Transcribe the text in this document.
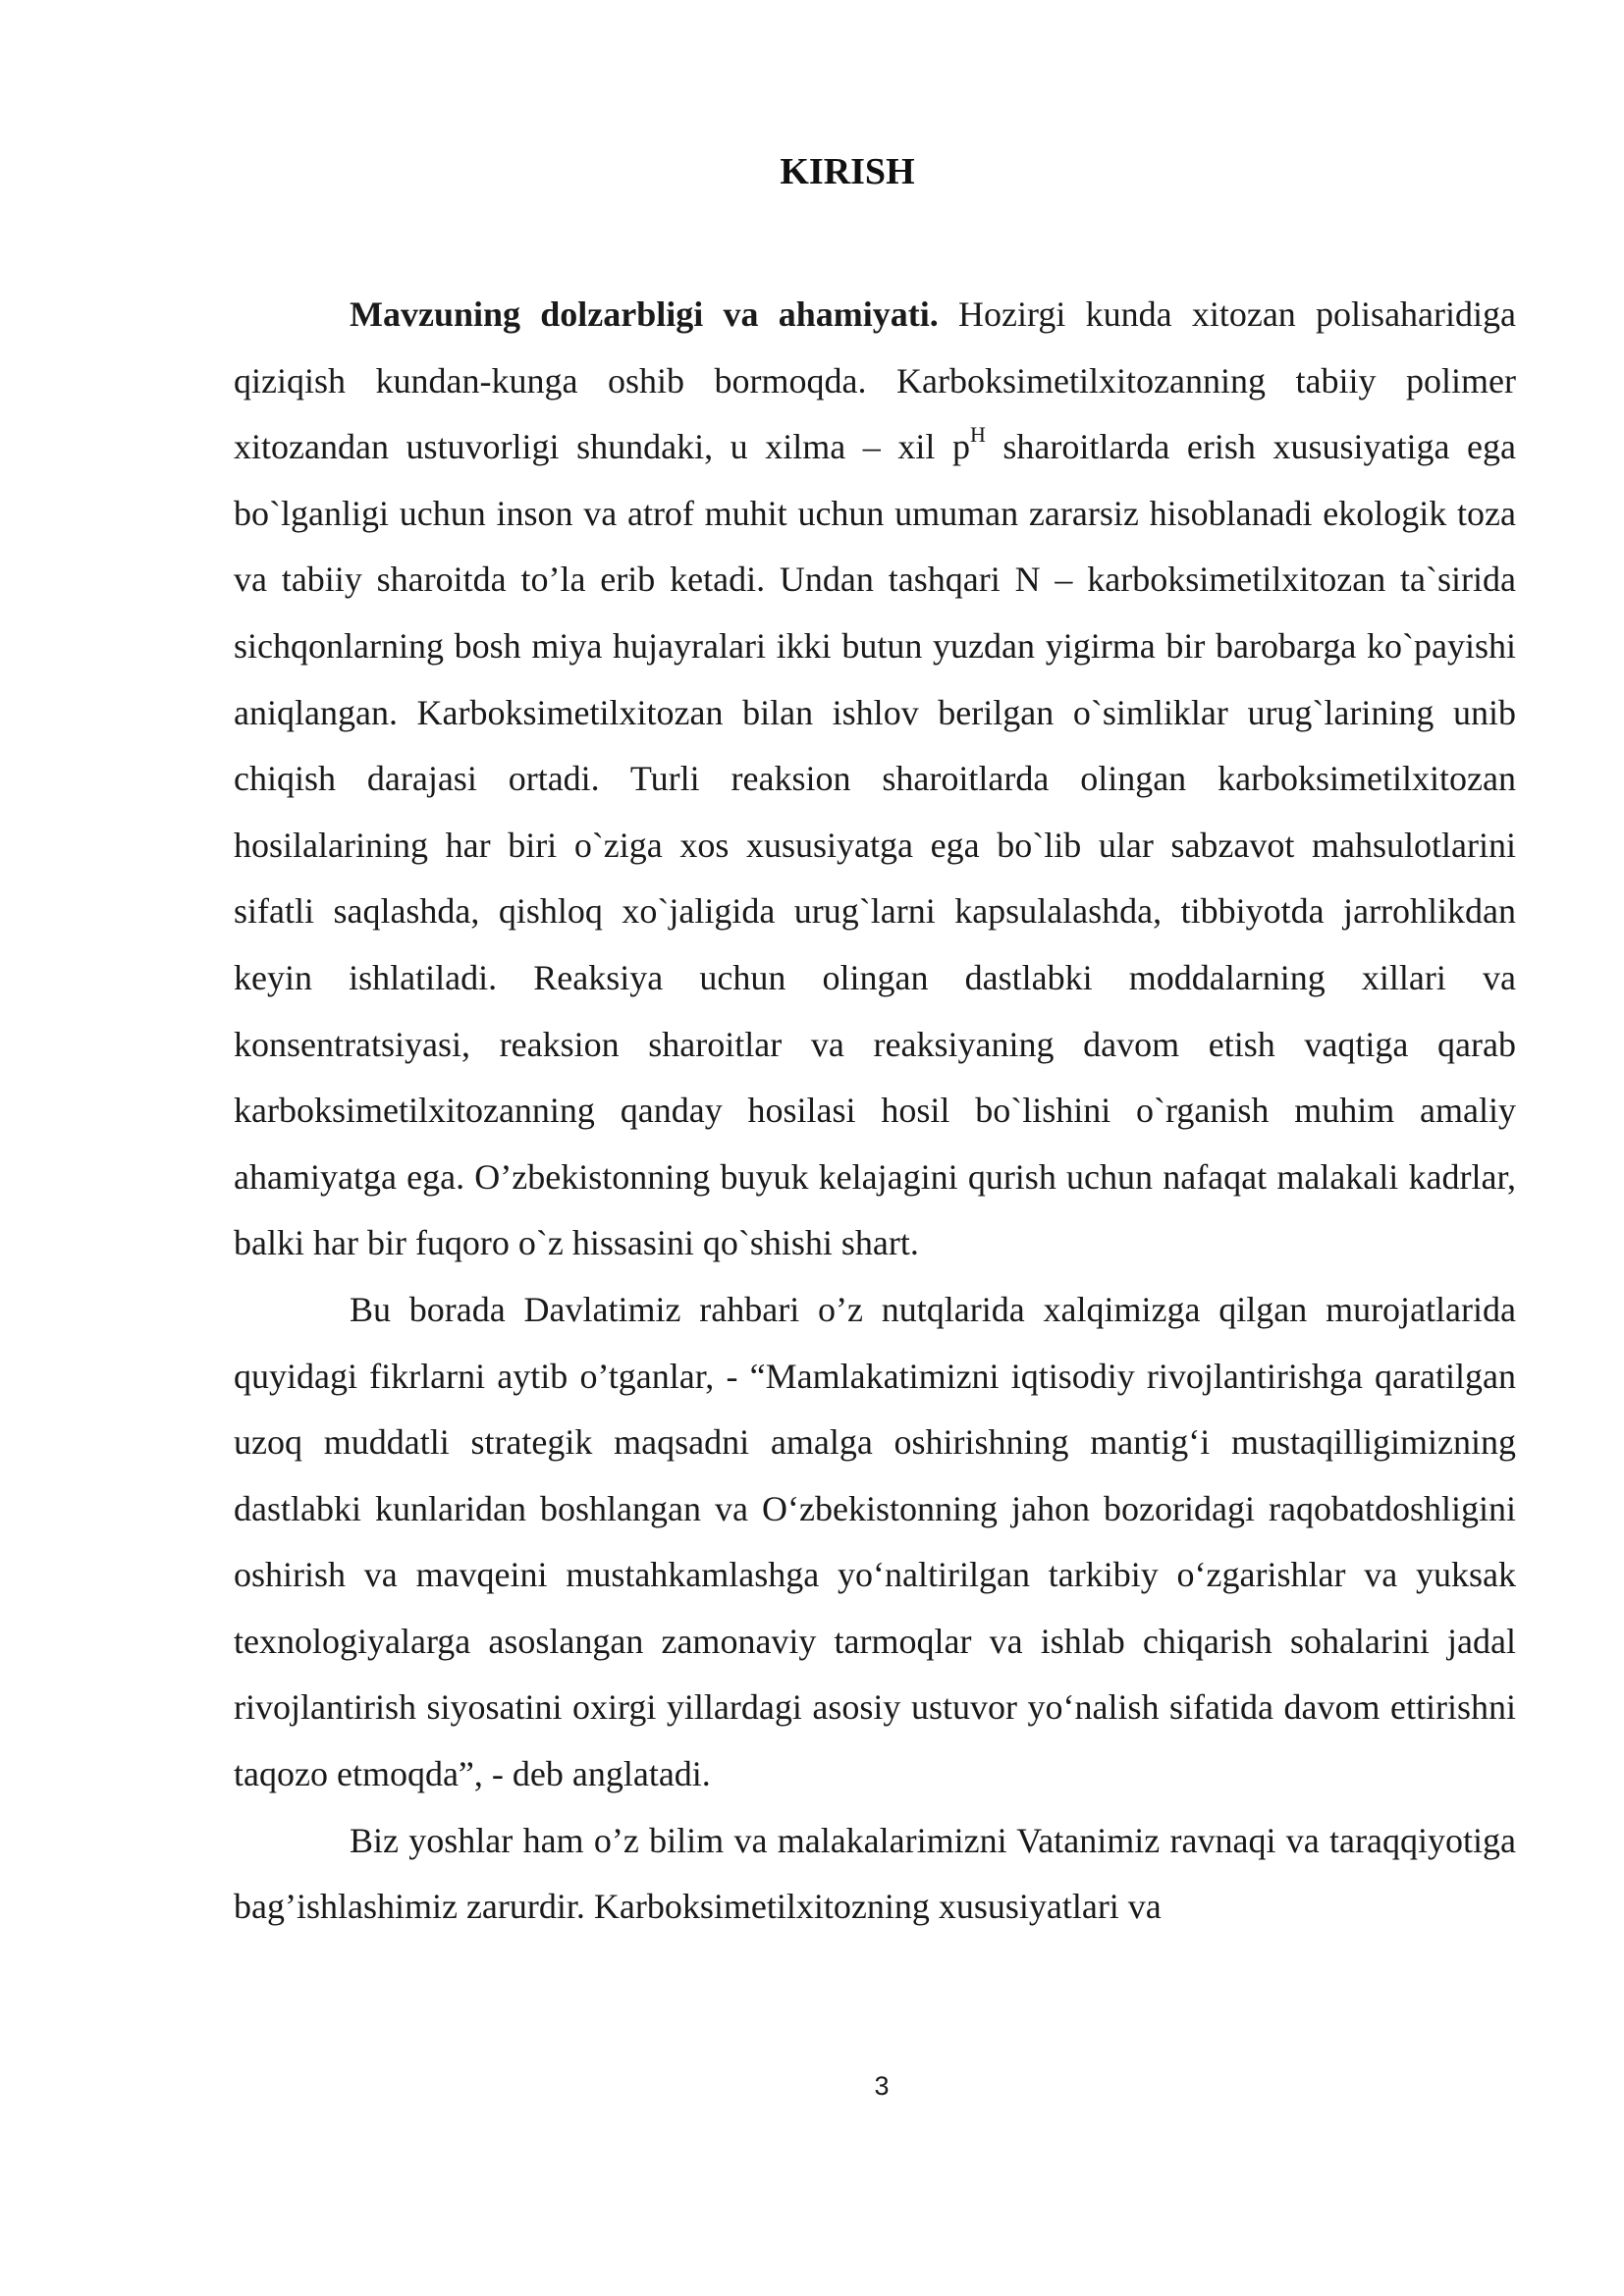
KIRISH

Mavzuning dolzarbligi va ahamiyati. Hozirgi kunda xitozan polisaharidiga qiziqish kundan-kunga oshib bormoqda. Karboksimetilxitozanning tabiiy polimer xitozandan ustuvorligi shundaki, u xilma – xil $p^H$ sharoitlarda erish xususiyatiga ega bo`lganligi uchun inson va atrof muhit uchun umuman zararsiz hisoblanadi ekologik toza va tabiiy sharoitda to’la erib ketadi. Undan tashqari N – karboksimetilxitozan ta`sirida sichqonlarning bosh miya hujayralari ikki butun yuzdan yigirma bir barobarga ko`payishi aniqlangan. Karboksimetilxitozan bilan ishlov berilgan o`simliklar urug`larining unib chiqish darajasi ortadi. Turli reaksion sharoitlarda olingan karboksimetilxitozan hosilalarining har biri o`ziga xos xususiyatga ega bo`lib ular sabzavot mahsulotlarini sifatli saqlashda, qishloq xo`jaligida urug`larni kapsulalashda, tibbiyotda jarrohlikdan keyin ishlatiladi. Reaksiya uchun olingan dastlabki moddalarning xillari va konsentratsiyasi, reaksion sharoitlar va reaksiyaning davom etish vaqtiga qarab karboksimetilxitozanning qanday hosilasi hosil bo`lishini o`rganish muhim amaliy ahamiyatga ega. O’zbekistonning buyuk kelajagini qurish uchun nafaqat malakali kadrlar, balki har bir fuqoro o`z hissasini qo`shishi shart.

Bu borada Davlatimiz rahbari o’z nutqlarida xalqimizga qilgan murojatlarida quyidagi fikrlarni aytib o’tganlar, - “Mamlakatimizni iqtisodiy rivojlantirishga qaratilgan uzoq muddatli strategik maqsadni amalga oshirishning mantig‘i mustaqilligimizning dastlabki kunlaridan boshlangan va O‘zbekistonning jahon bozoridagi raqobatdoshligini oshirish va mavqeini mustahkamlashga yo‘naltirilgan tarkibiy o‘zgarishlar va yuksak texnologiyalarga asoslangan zamonaviy tarmoqlar va ishlab chiqarish sohalarini jadal rivojlantirish siyosatini oxirgi yillardagi asosiy ustuvor yo‘nalish sifatida davom ettirishni taqozo etmoqda”, - deb anglatadi.

Biz yoshlar ham o’z bilim va malakalarimizni Vatanimiz ravnaqi va taraqqiyotiga bag’ishlashimiz zarurdir. Karboksimetilxitozning xususiyatlari va

3
